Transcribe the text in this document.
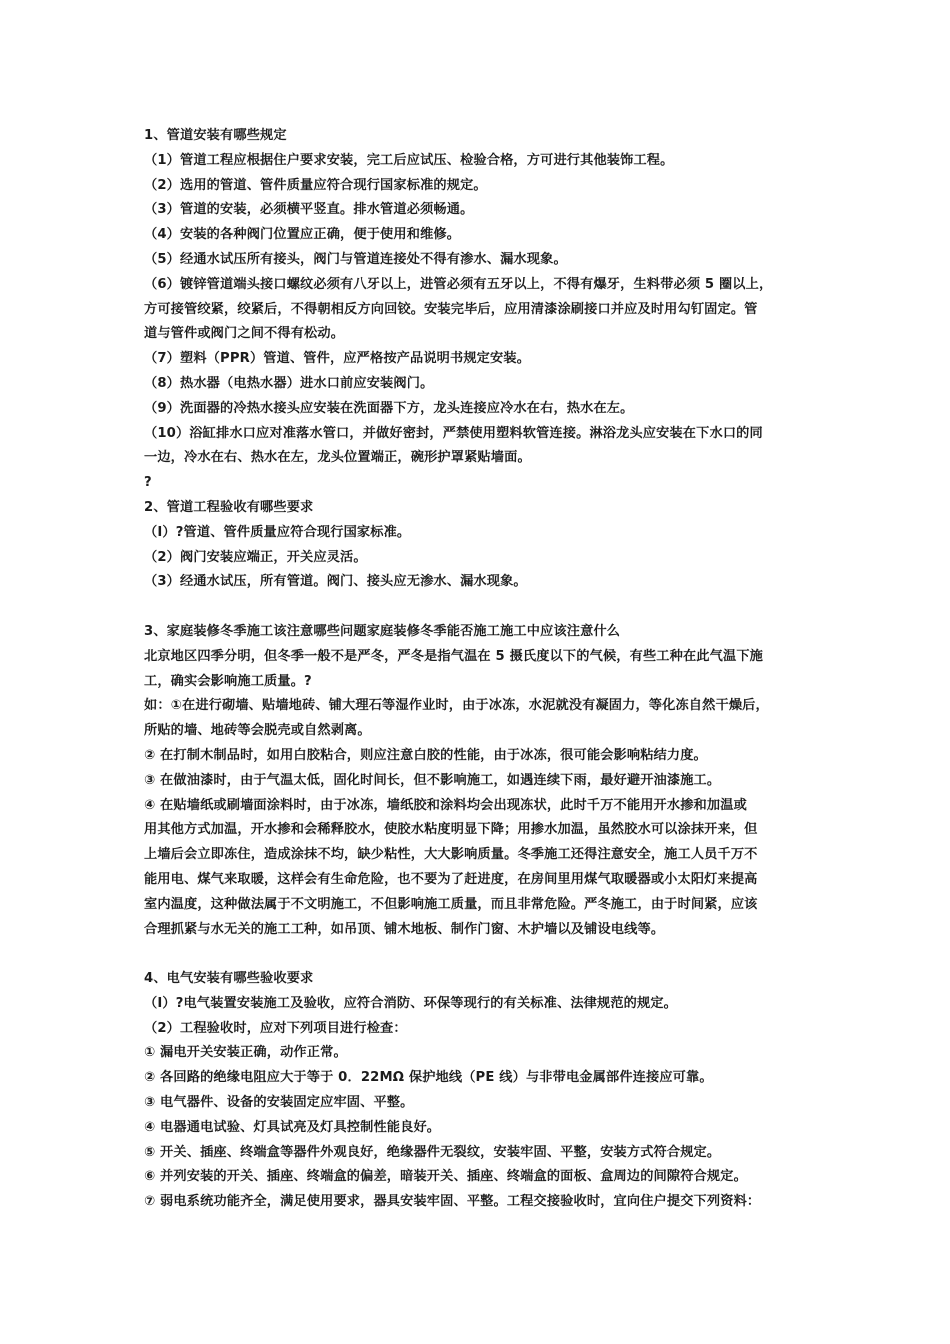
1、管道安装有哪些规定
（1）管道工程应根据住户要求安装，完工后应试压、检验合格，方可进行其他装饰工程。
（2）选用的管道、管件质量应符合现行国家标准的规定。
（3）管道的安装，必须横平竖直。排水管道必须畅通。
（4）安装的各种阀门位置应正确，便于使用和维修。
（5）经通水试压所有接头，阀门与管道连接处不得有渗水、漏水现象。
（6）镀锌管道端头接口螺纹必须有八牙以上，进管必须有五牙以上，不得有爆牙，生料带必须 5 圈以上，
方可接管绞紧，绞紧后，不得朝相反方向回铰。安装完毕后，应用清漆涂刷接口并应及时用勾钉固定。管
道与管件或阀门之间不得有松动。
（7）塑料（PPR）管道、管件，应严格按产品说明书规定安装。
（8）热水器（电热水器）进水口前应安装阀门。
（9）洗面器的冷热水接头应安装在洗面器下方，龙头连接应冷水在右，热水在左。
（10）浴缸排水口应对准落水管口，并做好密封，严禁使用塑料软管连接。淋浴龙头应安装在下水口的同
一边，冷水在右、热水在左，龙头位置端正，碗形护罩紧贴墙面。
?
2、管道工程验收有哪些要求
（I）?管道、管件质量应符合现行国家标准。
（2）阀门安装应端正，开关应灵活。
（3）经通水试压，所有管道。阀门、接头应无渗水、漏水现象。
3、家庭装修冬季施工该注意哪些问题家庭装修冬季能否施工施工中应该注意什么
北京地区四季分明，但冬季一般不是严冬，严冬是指气温在 5 摄氏度以下的气候，有些工种在此气温下施
工，确实会影响施工质量。?
如：①在进行砌墙、贴墙地砖、铺大理石等湿作业时，由于冰冻，水泥就没有凝固力，等化冻自然干燥后，
所贴的墙、地砖等会脱壳或自然剥离。
② 在打制木制品时，如用白胶粘合，则应注意白胶的性能，由于冰冻，很可能会影响粘结力度。
③ 在做油漆时，由于气温太低，固化时间长，但不影响施工，如遇连续下雨，最好避开油漆施工。
④ 在贴墙纸或刷墙面涂料时，由于冰冻，墙纸胶和涂料均会出现冻状，此时千万不能用开水掺和加温或
用其他方式加温，开水掺和会稀释胶水，使胶水粘度明显下降；用掺水加温，虽然胶水可以涂抹开来，但
上墙后会立即冻住，造成涂抹不均，缺少粘性，大大影响质量。冬季施工还得注意安全，施工人员千万不
能用电、煤气来取暖，这样会有生命危险，也不要为了赶进度，在房间里用煤气取暖器或小太阳灯来提高
室内温度，这种做法属于不文明施工，不但影响施工质量，而且非常危险。严冬施工，由于时间紧，应该
合理抓紧与水无关的施工工种，如吊顶、铺木地板、制作门窗、木护墙以及铺设电线等。
4、电气安装有哪些验收要求
（I）?电气装置安装施工及验收，应符合消防、环保等现行的有关标准、法律规范的规定。
（2）工程验收时，应对下列项目进行检查：
① 漏电开关安装正确，动作正常。
② 各回路的绝缘电阻应大于等于 0．22MΩ 保护地线（PE 线）与非带电金属部件连接应可靠。
③ 电气器件、设备的安装固定应牢固、平整。
④ 电器通电试验、灯具试亮及灯具控制性能良好。
⑤ 开关、插座、终端盒等器件外观良好，绝缘器件无裂纹，安装牢固、平整，安装方式符合规定。
⑥ 并列安装的开关、插座、终端盒的偏差，暗装开关、插座、终端盒的面板、盒周边的间隙符合规定。
⑦ 弱电系统功能齐全，满足使用要求，器具安装牢固、平整。工程交接验收时，宜向住户提交下列资料：
